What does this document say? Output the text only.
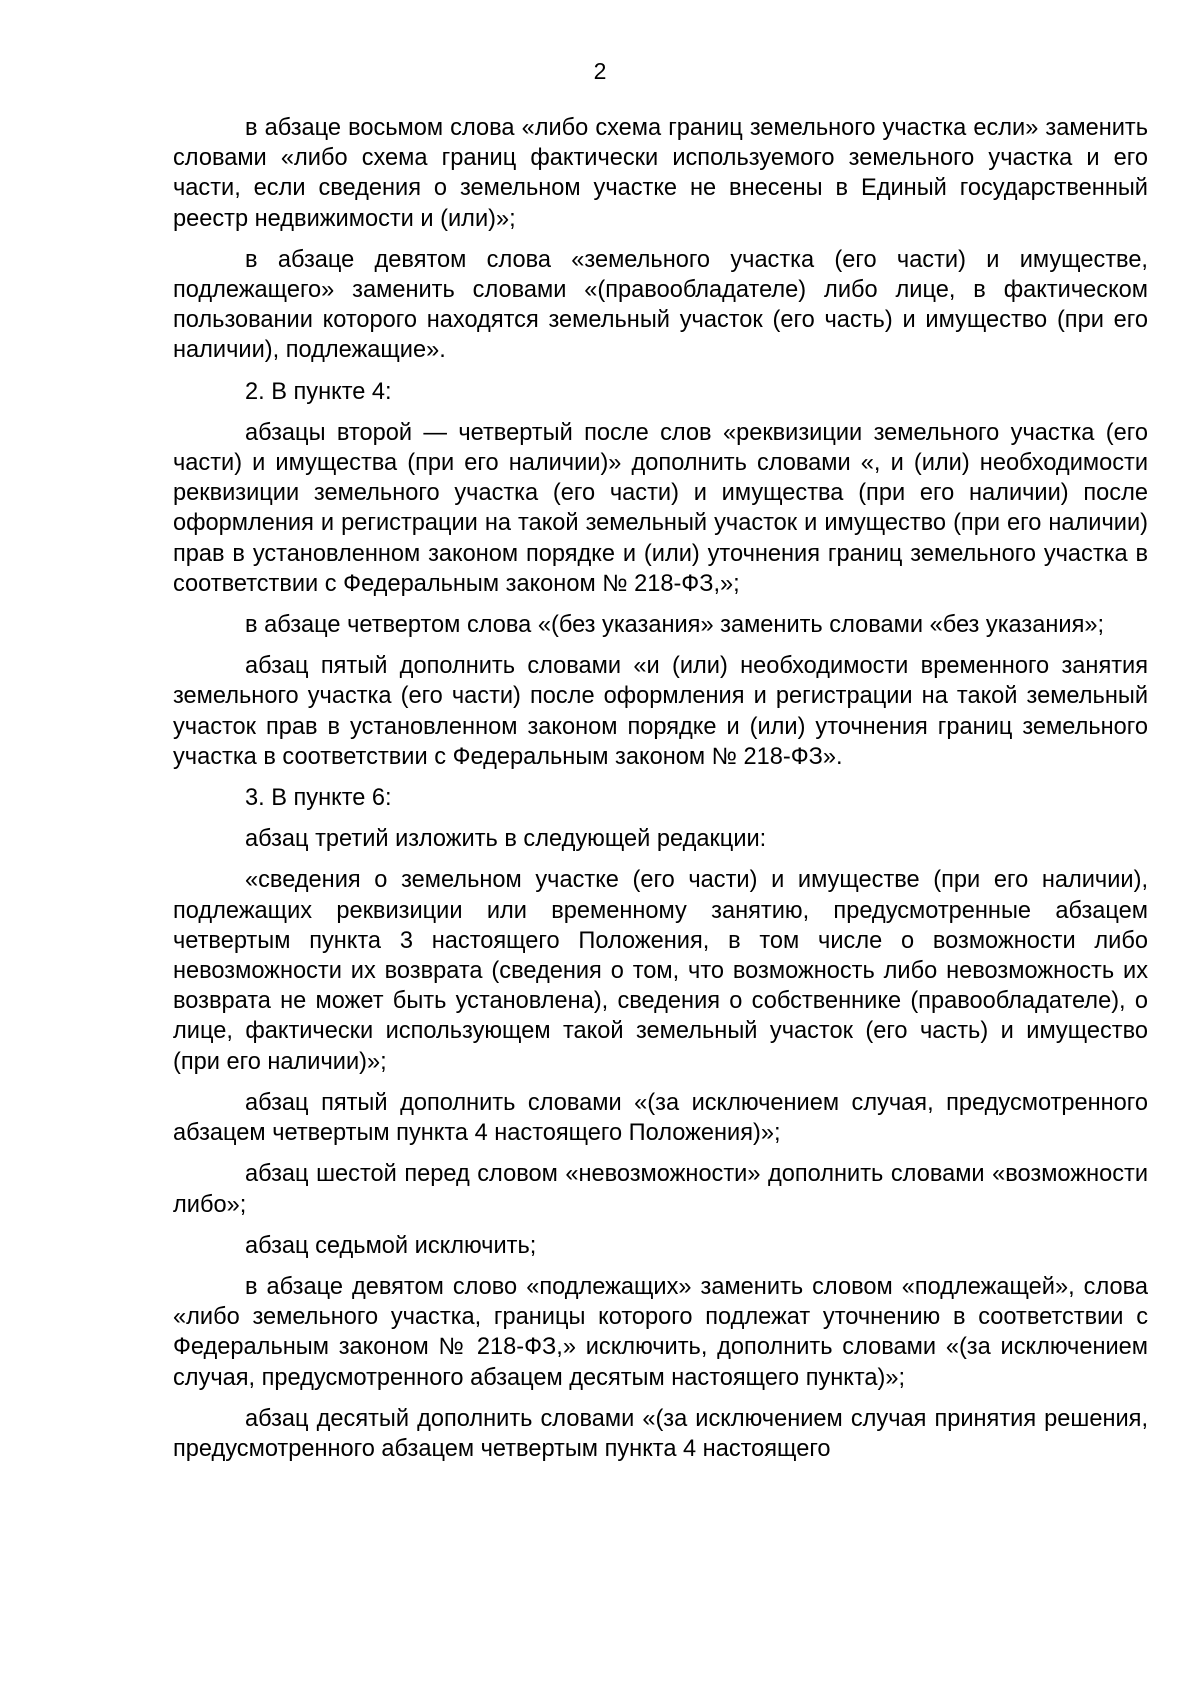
2

в абзаце восьмом слова «либо схема границ земельного участка если» заменить словами «либо схема границ фактически используемого земельного участка и его части, если сведения о земельном участке не внесены в Единый государственный реестр недвижимости и (или)»;

в абзаце девятом слова «земельного участка (его части) и имуществе, подлежащего» заменить словами «(правообладателе) либо лице, в фактическом пользовании которого находятся земельный участок (его часть) и имущество (при его наличии), подлежащие».

2. В пункте 4:

абзацы второй — четвертый после слов «реквизиции земельного участка (его части) и имущества (при его наличии)» дополнить словами «, и (или) необходимости реквизиции земельного участка (его части) и имущества (при его наличии) после оформления и регистрации на такой земельный участок и имущество (при его наличии) прав в установленном законом порядке и (или) уточнения границ земельного участка в соответствии с Федеральным законом № 218-ФЗ,»;

в абзаце четвертом слова «(без указания» заменить словами «без указания»;

абзац пятый дополнить словами «и (или) необходимости временного занятия земельного участка (его части) после оформления и регистрации на такой земельный участок прав в установленном законом порядке и (или) уточнения границ земельного участка в соответствии с Федеральным законом № 218-ФЗ».

3. В пункте 6:

абзац третий изложить в следующей редакции:

«сведения о земельном участке (его части) и имуществе (при его наличии), подлежащих реквизиции или временному занятию, предусмотренные абзацем четвертым пункта 3 настоящего Положения, в том числе о возможности либо невозможности их возврата (сведения о том, что возможность либо невозможность их возврата не может быть установлена), сведения о собственнике (правообладателе), о лице, фактически использующем такой земельный участок (его часть) и имущество (при его наличии)»;

абзац пятый дополнить словами «(за исключением случая, предусмотренного абзацем четвертым пункта 4 настоящего Положения)»;

абзац шестой перед словом «невозможности» дополнить словами «возможности либо»;

абзац седьмой исключить;

в абзаце девятом слово «подлежащих» заменить словом «подлежащей», слова «либо земельного участка, границы которого подлежат уточнению в соответствии с Федеральным законом № 218-ФЗ,» исключить, дополнить словами «(за исключением случая, предусмотренного абзацем десятым настоящего пункта)»;

абзац десятый дополнить словами «(за исключением случая принятия решения, предусмотренного абзацем четвертым пункта 4 настоящего
